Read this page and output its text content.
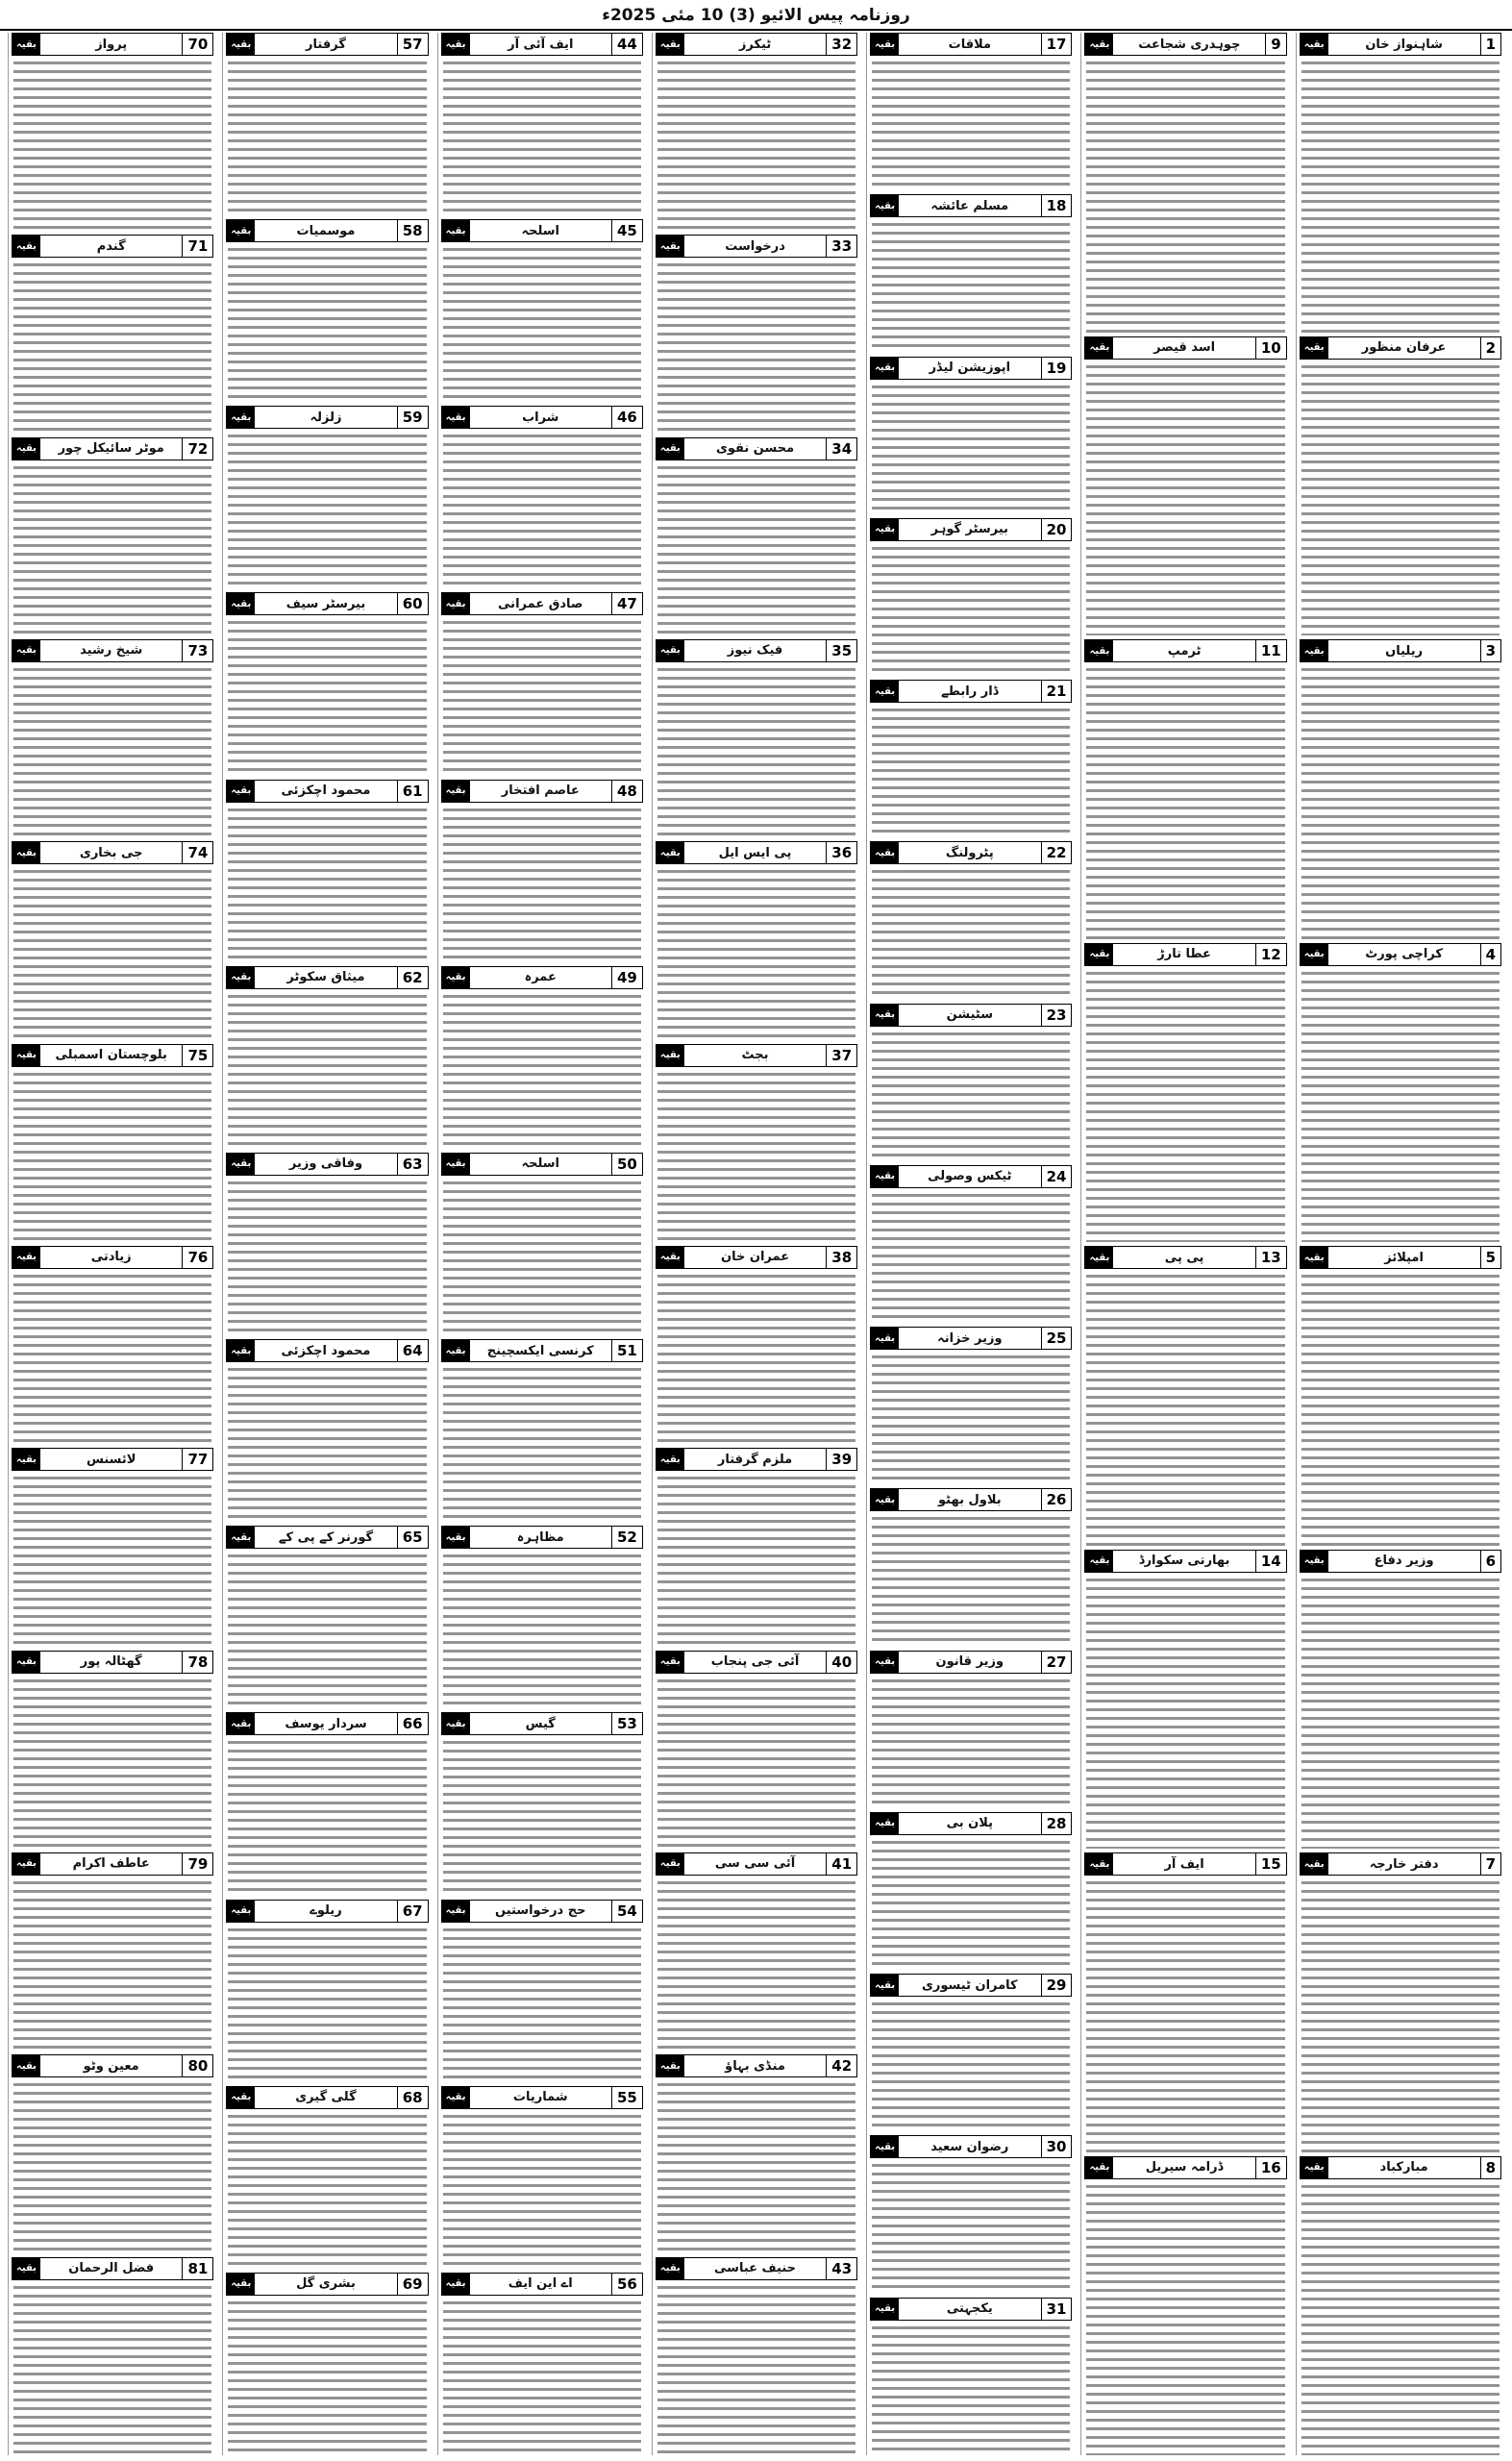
روزنامہ پیس الائیو (3) 10 مئی 2025ء
1
شاہنواز خان
بقیہ
2
عرفان منظور
بقیہ
3
ریلیاں
بقیہ
4
کراچی پورٹ
بقیہ
5
امپلائز
بقیہ
6
وزیر دفاع
بقیہ
7
دفتر خارجہ
بقیہ
8
مبارکباد
بقیہ
9
چوہدری شجاعت
بقیہ
10
اسد قیصر
بقیہ
11
ٹرمپ
بقیہ
12
عطا تارڑ
بقیہ
13
پی پی
بقیہ
14
بھارتی سکوارڈ
بقیہ
15
ایف آر
بقیہ
16
ڈرامہ سیریل
بقیہ
17
ملاقات
بقیہ
18
مسلم عائشہ
بقیہ
19
اپوزیشن لیڈر
بقیہ
20
بیرسٹر گوہر
بقیہ
21
ڈار رابطے
بقیہ
22
پٹرولنگ
بقیہ
23
سٹیشن
بقیہ
24
ٹیکس وصولی
بقیہ
25
وزیر خزانہ
بقیہ
26
بلاول بھٹو
بقیہ
27
وزیر قانون
بقیہ
28
پلان بی
بقیہ
29
کامران ٹیسوری
بقیہ
30
رضوان سعید
بقیہ
31
یکجہتی
بقیہ
32
ٹیکرز
بقیہ
33
درخواست
بقیہ
34
محسن نقوی
بقیہ
35
فیک نیوز
بقیہ
36
پی ایس ایل
بقیہ
37
بجٹ
بقیہ
38
عمران خان
بقیہ
39
ملزم گرفتار
بقیہ
40
آئی جی پنجاب
بقیہ
41
آئی سی سی
بقیہ
42
منڈی بہاؤ
بقیہ
43
حنیف عباسی
بقیہ
44
ایف آئی آر
بقیہ
45
اسلحہ
بقیہ
46
شراب
بقیہ
47
صادق عمرانی
بقیہ
48
عاصم افتخار
بقیہ
49
عمرہ
بقیہ
50
اسلحہ
بقیہ
51
کرنسی ایکسچینج
بقیہ
52
مظاہرہ
بقیہ
53
گیس
بقیہ
54
حج درخواستیں
بقیہ
55
شماریات
بقیہ
56
اے این ایف
بقیہ
57
گرفتار
بقیہ
58
موسمیات
بقیہ
59
زلزلہ
بقیہ
60
بیرسٹر سیف
بقیہ
61
محمود اچکزئی
بقیہ
62
میثاق سکوٹر
بقیہ
63
وفاقی وزیر
بقیہ
64
محمود اچکزئی
بقیہ
65
گورنر کے پی کے
بقیہ
66
سردار یوسف
بقیہ
67
ریلوے
بقیہ
68
گلی گیری
بقیہ
69
بشری گل
بقیہ
70
پرواز
بقیہ
71
گندم
بقیہ
72
موٹر سائیکل چور
بقیہ
73
شیخ رشید
بقیہ
74
جی بخاری
بقیہ
75
بلوچستان اسمبلی
بقیہ
76
زیادتی
بقیہ
77
لائسنس
بقیہ
78
گھٹالہ پور
بقیہ
79
عاطف اکرام
بقیہ
80
معین وٹو
بقیہ
81
فضل الرحمان
بقیہ
